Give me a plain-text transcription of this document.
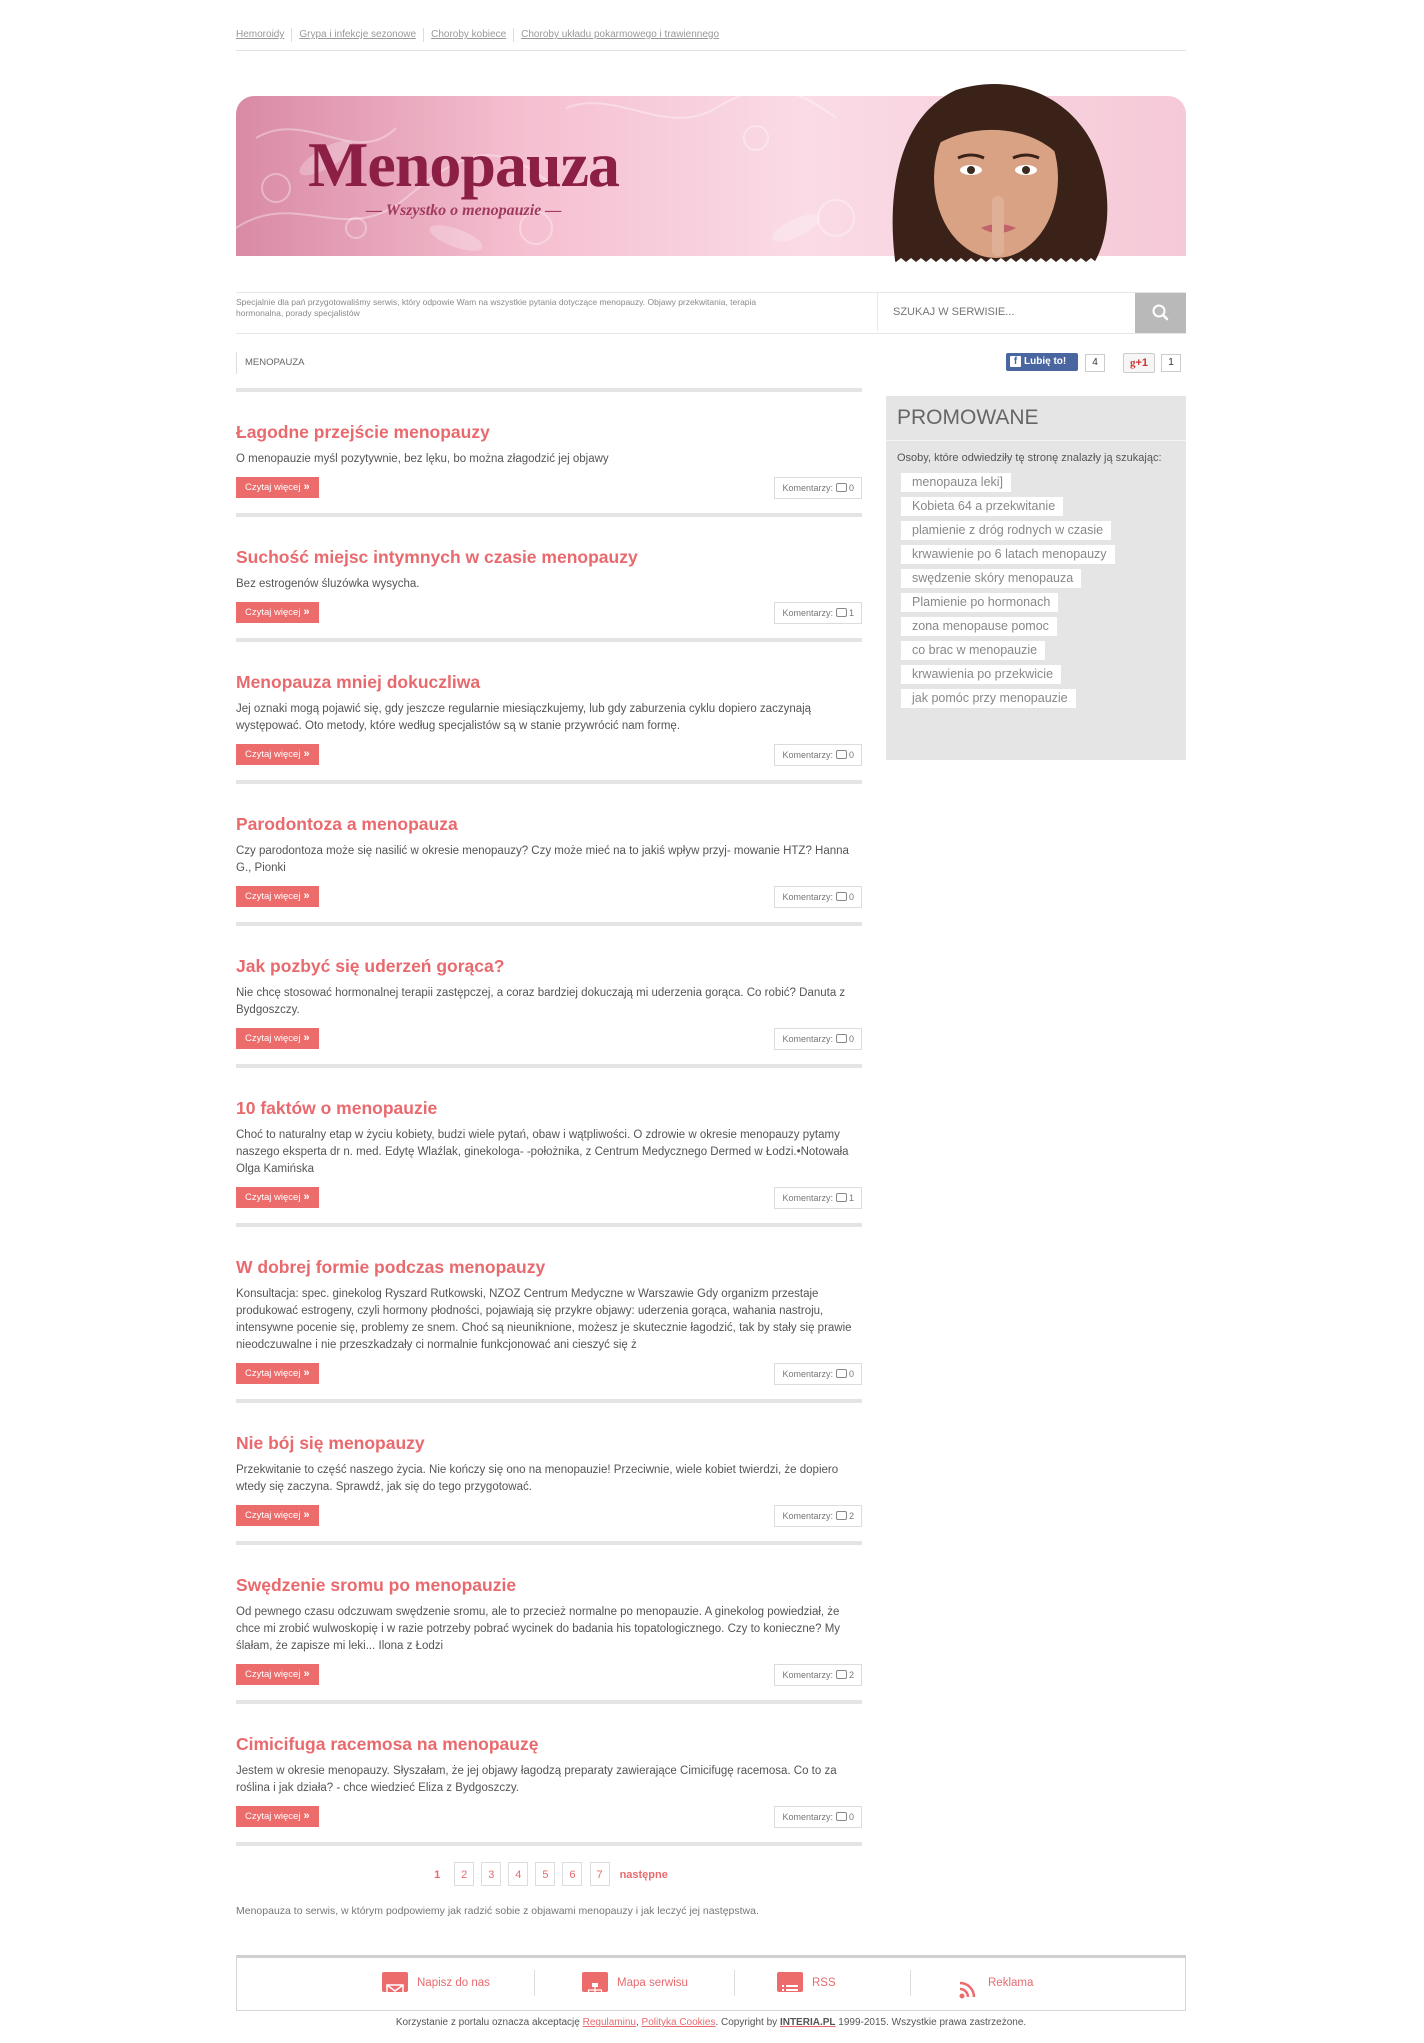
Hemoroidy Grypa i infekcje sezonowe Choroby kobiece Choroby układu pokarmowego i trawiennego
Menopauza
— Wszystko o menopauzie —
Specjalnie dla pań przygotowaliśmy serwis, który odpowie Wam na wszystkie pytania dotyczące menopauzy. Objawy przekwitania, terapia hormonalna, porady specjalistów
SZUKAJ W SERWISIE...
MENOPAUZA	f Lubię to!	4	g+1	1
Łagodne przejście menopauzy

O menopauzie myśl pozytywnie, bez lęku, bo można złagodzić jej objawy

Czytaj więcej »	Komentarzy: 0
Suchość miejsc intymnych w czasie menopauzy

Bez estrogenów śluzówka wysycha.

Czytaj więcej »	Komentarzy: 1
Menopauza mniej dokuczliwa

Jej oznaki mogą pojawić się, gdy jeszcze regularnie miesiączkujemy, lub gdy zaburzenia cyklu dopiero zaczynają występować. Oto metody, które według specjalistów są w stanie przywrócić nam formę.

Czytaj więcej »	Komentarzy: 0
Parodontoza a menopauza

Czy parodontoza może się nasilić w okresie menopauzy? Czy może mieć na to jakiś wpływ przyj- mowanie HTZ? Hanna G., Pionki

Czytaj więcej »	Komentarzy: 0
Jak pozbyć się uderzeń gorąca?

Nie chcę stosować hormonalnej terapii zastępczej, a coraz bardziej dokuczają mi uderzenia gorąca. Co robić? Danuta z Bydgoszczy.

Czytaj więcej »	Komentarzy: 0
10 faktów o menopauzie

Choć to naturalny etap w życiu kobiety, budzi wiele pytań, obaw i wątpliwości. O zdrowie w okresie menopauzy pytamy naszego eksperta dr n. med. Edytę Wlaźlak, ginekologa- -położnika, z Centrum Medycznego Dermed w Łodzi.•Notowała Olga Kamińska

Czytaj więcej »	Komentarzy: 1
W dobrej formie podczas menopauzy

Konsultacja: spec. ginekolog Ryszard Rutkowski, NZOZ Centrum Medyczne w Warszawie Gdy organizm przestaje produkować estrogeny, czyli hormony płodności, pojawiają się przykre objawy: uderzenia gorąca, wahania nastroju, intensywne pocenie się, problemy ze snem. Choć są nieuniknione, możesz je skutecznie łagodzić, tak by stały się prawie nieodczuwalne i nie przeszkadzały ci normalnie funkcjonować ani cieszyć się ż

Czytaj więcej »	Komentarzy: 0
Nie bój się menopauzy

Przekwitanie to część naszego życia. Nie kończy się ono na menopauzie! Przeciwnie, wiele kobiet twierdzi, że dopiero wtedy się zaczyna. Sprawdź, jak się do tego przygotować.

Czytaj więcej »	Komentarzy: 2
Swędzenie sromu po menopauzie

Od pewnego czasu odczuwam swędzenie sromu, ale to przecież normalne po menopauzie. A ginekolog powiedział, że chce mi zrobić wulwoskopię i w razie potrzeby pobrać wycinek do badania his topatologicznego. Czy to konieczne? My ślałam, że zapisze mi leki... Ilona z Łodzi

Czytaj więcej »	Komentarzy: 2
Cimicifuga racemosa na menopauzę

Jestem w okresie menopauzy. Słyszałam, że jej objawy łagodzą preparaty zawierające Cimicifugę racemosa. Co to za roślina i jak działa? - chce wiedzieć Eliza z Bydgoszczy.

Czytaj więcej »	Komentarzy: 0
1 2 3 4 5 6 7 następne
PROMOWANE
Osoby, które odwiedziły tę stronę znalazły ją szukając:
menopauza leki]
Kobieta 64 a przekwitanie
plamienie z dróg rodnych w czasie
krwawienie po 6 latach menopauzy
swędzenie skóry menopauza
Plamienie po hormonach
zona menopause pomoc
co brac w menopauzie
krwawienia po przekwicie
jak pomóc przy menopauzie
Menopauza to serwis, w którym podpowiemy jak radzić sobie z objawami menopauzy i jak leczyć jej następstwa.
Napisz do nas	Mapa serwisu	RSS	Reklama
Korzystanie z portalu oznacza akceptację Regulaminu, Polityka Cookies. Copyright by INTERIA.PL 1999-2015. Wszystkie prawa zastrzeżone.
